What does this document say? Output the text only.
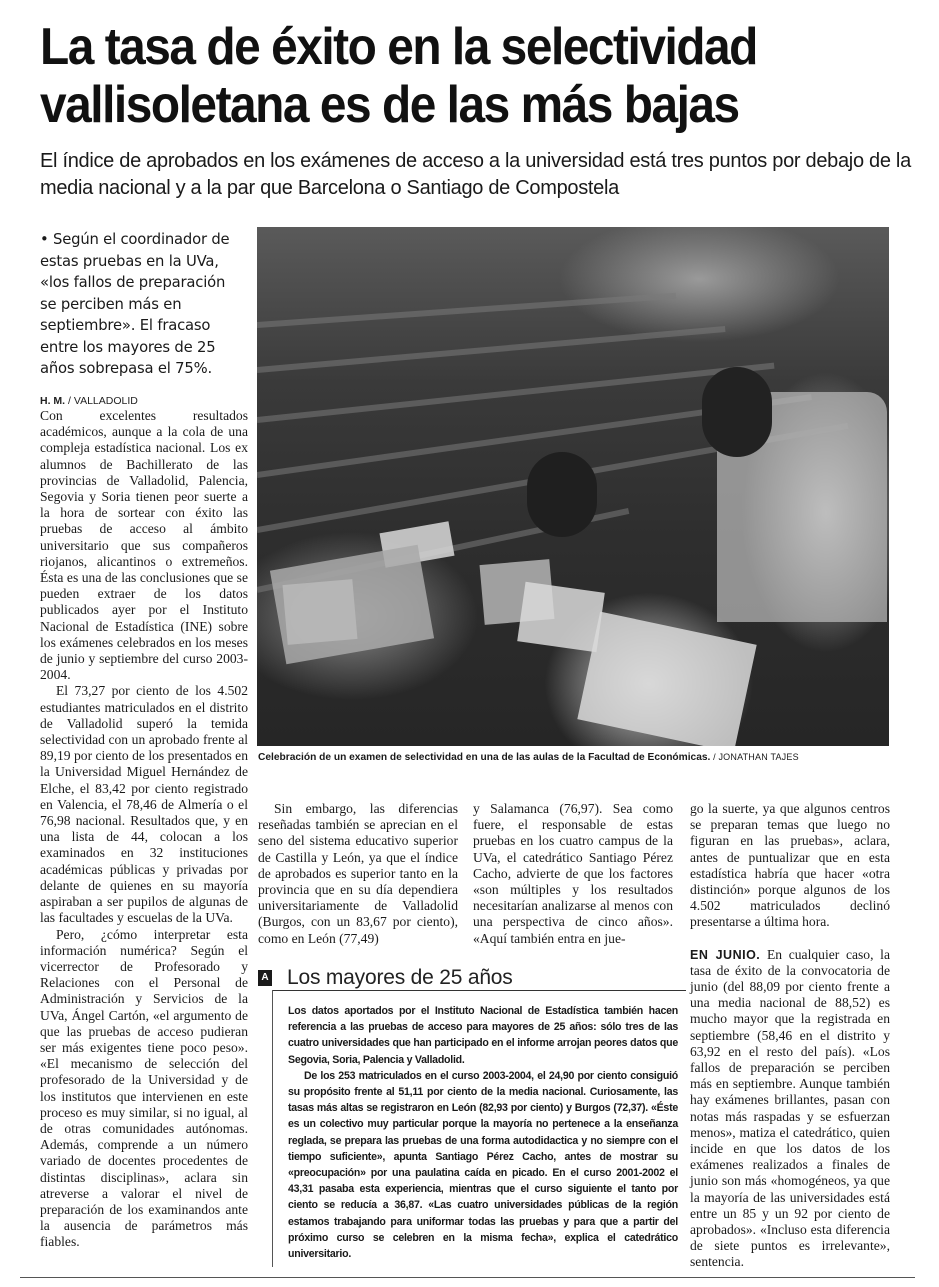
La tasa de éxito en la selectividad
vallisoletana es de las más bajas
El índice de aprobados en los exámenes de acceso a la universidad está tres puntos por debajo de la media nacional y a la par que Barcelona o Santiago de Compostela
• Según el coordinador de estas pruebas en la UVa, «los fallos de preparación se perciben más en septiembre». El fracaso entre los mayores de 25 años sobrepasa el 75%.
H. M. / VALLADOLID

Con excelentes resultados académicos, aunque a la cola de una compleja estadística nacional. Los ex alumnos de Bachillerato de las provincias de Valladolid, Palencia, Segovia y Soria tienen peor suerte a la hora de sortear con éxito las pruebas de acceso al ámbito universitario que sus compañeros riojanos, alicantinos o extremeños. Ésta es una de las conclusiones que se pueden extraer de los datos publicados ayer por el Instituto Nacional de Estadística (INE) sobre los exámenes celebrados en los meses de junio y septiembre del curso 2003-2004.

El 73,27 por ciento de los 4.502 estudiantes matriculados en el distrito de Valladolid superó la temida selectividad con un aprobado frente al 89,19 por ciento de los presentados en la Universidad Miguel Hernández de Elche, el 83,42 por ciento registrado en Valencia, el 78,46 de Almería o el 76,98 nacional. Resultados que, y en una lista de 44, colocan a los examinados en 32 instituciones académicas públicas y privadas por delante de quienes en su mayoría aspiraban a ser pupilos de algunas de las facultades y escuelas de la UVa.

Pero, ¿cómo interpretar esta información numérica? Según el vicerrector de Profesorado y Relaciones con el Personal de Administración y Servicios de la UVa, Ángel Cartón, «el argumento de que las pruebas de acceso pudieran ser más exigentes tiene poco peso». «El mecanismo de selección del profesorado de la Universidad y de los institutos que intervienen en este proceso es muy similar, si no igual, al de otras comunidades autónomas. Además, comprende a un número variado de docentes procedentes de distintas disciplinas», aclara sin atreverse a valorar el nivel de preparación de los examinandos ante la ausencia de parámetros más fiables.

Celebración de un examen de selectividad en una de las aulas de la Facultad de Económicas. / JONATHAN TAJES

Sin embargo, las diferencias reseñadas también se aprecian en el seno del sistema educativo superior de Castilla y León, ya que el índice de aprobados es superior tanto en la provincia que en su día dependiera universitariamente de Valladolid (Burgos, con un 83,67 por ciento), como en León (77,49)

y Salamanca (76,97). Sea como fuere, el responsable de estas pruebas en los cuatro campus de la UVa, el catedrático Santiago Pérez Cacho, advierte de que los factores «son múltiples y los resultados necesitarían analizarse al menos con una perspectiva de cinco años». «Aquí también entra en jue-

go la suerte, ya que algunos centros se preparan temas que luego no figuran en las pruebas», aclara, antes de puntualizar que en esta estadística habría que hacer «otra distinción» porque algunos de los 4.502 matriculados declinó presentarse a última hora.

EN JUNIO. En cualquier caso, la tasa de éxito de la convocatoria de junio (del 88,09 por ciento frente a una media nacional de 88,52) es mucho mayor que la registrada en septiembre (58,46 en el distrito y 63,92 en el resto del país). «Los fallos de preparación se perciben más en septiembre. Aunque también hay exámenes brillantes, pasan con notas más raspadas y se esfuerzan menos», matiza el catedrático, quien incide en que los datos de los exámenes realizados a finales de junio son más «homogéneos, ya que la mayoría de las universidades está entre un 85 y un 92 por ciento de aprobados». «Incluso esta diferencia de siete puntos es irrelevante», sentencia.

A Los mayores de 25 años

Los datos aportados por el Instituto Nacional de Estadística también hacen referencia a las pruebas de acceso para mayores de 25 años: sólo tres de las cuatro universidades que han participado en el informe arrojan peores datos que Segovia, Soria, Palencia y Valladolid.

De los 253 matriculados en el curso 2003-2004, el 24,90 por ciento consiguió su propósito frente al 51,11 por ciento de la media nacional. Curiosamente, las tasas más altas se registraron en León (82,93 por ciento) y Burgos (72,37). «Éste es un colectivo muy particular porque la mayoría no pertenece a la enseñanza reglada, se prepara las pruebas de una forma autodidactica y no siempre con el tiempo suficiente», apunta Santiago Pérez Cacho, antes de mostrar su «preocupación» por una paulatina caída en picado. En el curso 2001-2002 el 43,31 pasaba esta experiencia, mientras que el curso siguiente el tanto por ciento se reducía a 36,87. «Las cuatro universidades públicas de la región estamos trabajando para uniformar todas las pruebas y para que a partir del próximo curso se celebren en la misma fecha», explica el catedrático universitario.
